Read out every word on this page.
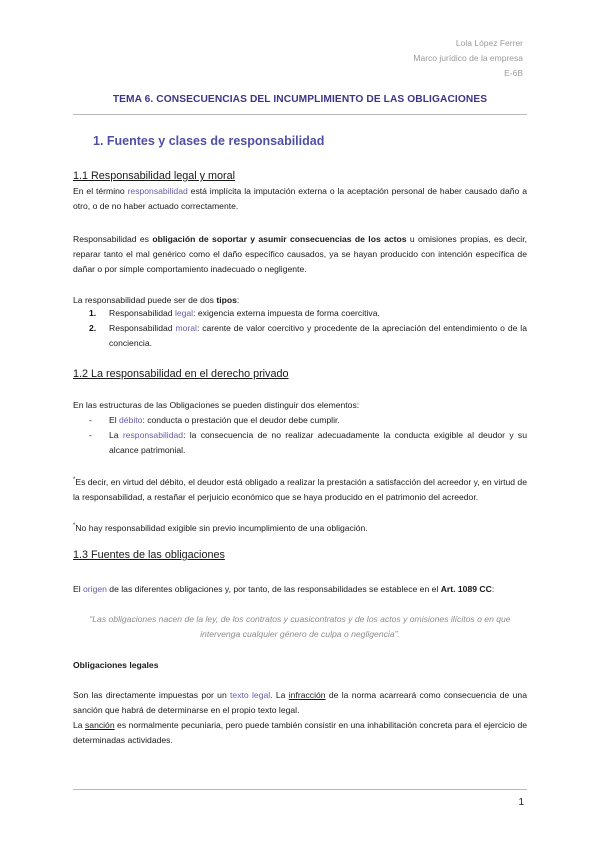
Lola López Ferrer
Marco jurídico de la empresa
E-6B
TEMA 6. CONSECUENCIAS DEL INCUMPLIMIENTO DE LAS OBLIGACIONES
1. Fuentes y clases de responsabilidad
1.1 Responsabilidad legal y moral
En el término responsabilidad está implícita la imputación externa o la aceptación personal de haber causado daño a otro, o de no haber actuado correctamente.
Responsabilidad es obligación de soportar y asumir consecuencias de los actos u omisiones propias, es decir, reparar tanto el mal genérico como el daño específico causados, ya se hayan producido con intención específica de dañar o por simple comportamiento inadecuado o negligente.
La responsabilidad puede ser de dos tipos:
1. Responsabilidad legal: exigencia externa impuesta de forma coercitiva.
2. Responsabilidad moral: carente de valor coercitivo y procedente de la apreciación del entendimiento o de la conciencia.
1.2 La responsabilidad en el derecho privado
En las estructuras de las Obligaciones se pueden distinguir dos elementos:
- El débito: conducta o prestación que el deudor debe cumplir.
- La responsabilidad: la consecuencia de no realizar adecuadamente la conducta exigible al deudor y su alcance patrimonial.
*Es decir, en virtud del débito, el deudor está obligado a realizar la prestación a satisfacción del acreedor y, en virtud de la responsabilidad, a restañar el perjuicio económico que se haya producido en el patrimonio del acreedor.
*No hay responsabilidad exigible sin previo incumplimiento de una obligación.
1.3 Fuentes de las obligaciones
El origen de las diferentes obligaciones y, por tanto, de las responsabilidades se establece en el Art. 1089 CC:
“Las obligaciones nacen de la ley, de los contratos y cuasicontratos y de los actos y omisiones ilícitos o en que intervenga cualquier género de culpa o negligencia”.
Obligaciones legales
Son las directamente impuestas por un texto legal. La infracción de la norma acarreará como consecuencia de una sanción que habrá de determinarse en el propio texto legal.
La sanción es normalmente pecuniaria, pero puede también consistir en una inhabilitación concreta para el ejercicio de determinadas actividades.
1
